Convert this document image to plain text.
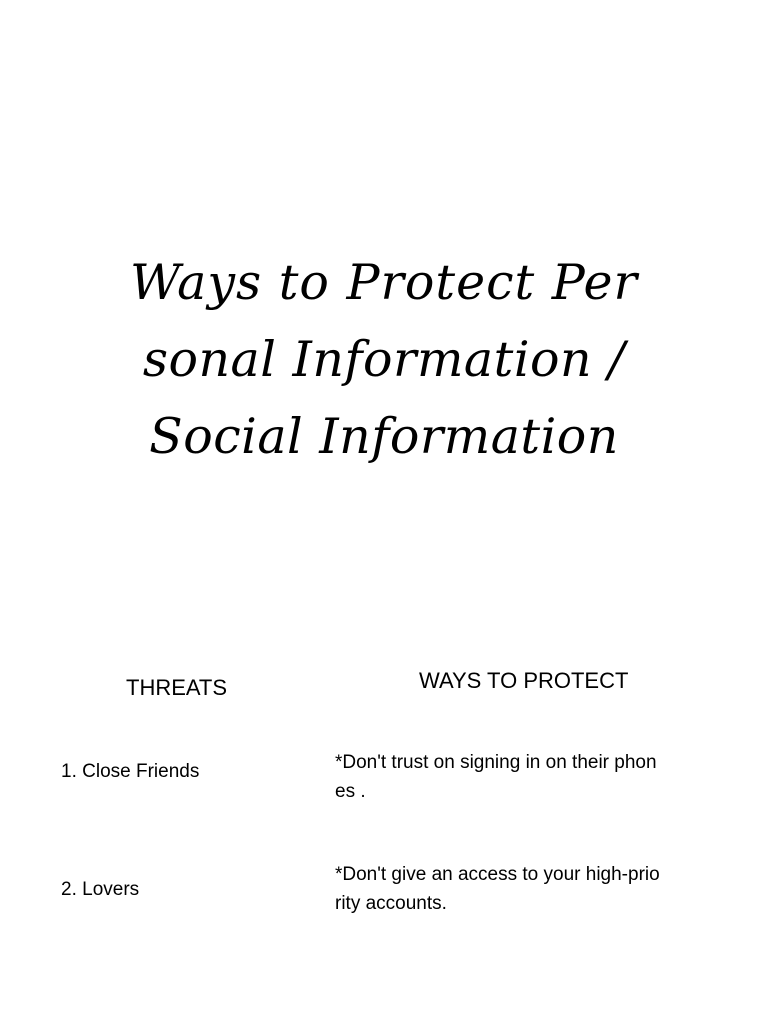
Ways to Protect Per
sonal Information /
Social Information
THREATS	WAYS TO PROTECT
1. Close Friends	*Don't trust on signing in on their phon
es .
2. Lovers
*Don't give an access to your high-prio
rity accounts.
